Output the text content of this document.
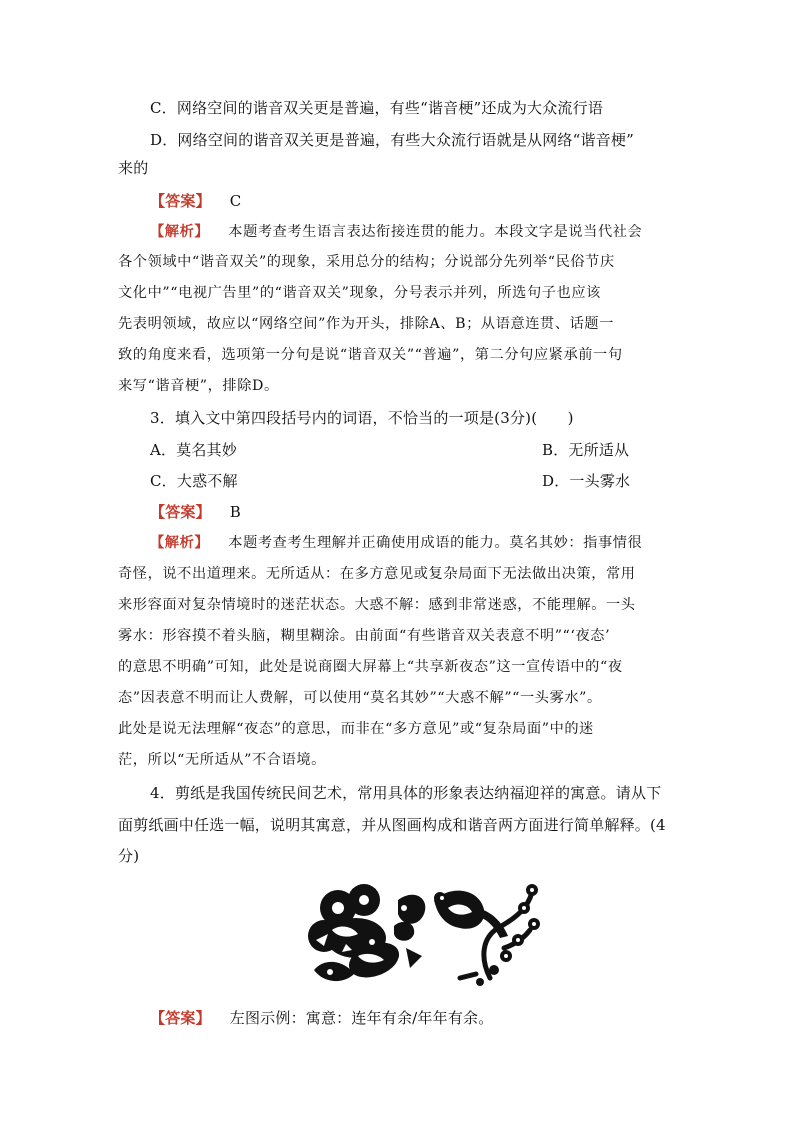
C．网络空间的谐音双关更是普遍，有些“谐音梗”还成为大众流行语
D．网络空间的谐音双关更是普遍，有些大众流行语就是从网络“谐音梗”
来的
【答案】 C
【解析】 本题考查考生语言表达衔接连贯的能力。本段文字是说当代社会
各个领域中“谐音双关”的现象，采用总分的结构；分说部分先列举“民俗节庆
文化中”“电视广告里”的“谐音双关”现象，分号表示并列，所选句子也应该
先表明领域，故应以“网络空间”作为开头，排除A、B；从语意连贯、话题一
致的角度来看，选项第一分句是说“谐音双关”“普遍”，第二分句应紧承前一句
来写“谐音梗”，排除D。
3．填入文中第四段括号内的词语，不恰当的一项是(3分)(　　)
A．莫名其妙	B．无所适从
C．大惑不解	D．一头雾水
【答案】 B
【解析】 本题考查考生理解并正确使用成语的能力。莫名其妙：指事情很
奇怪，说不出道理来。无所适从：在多方意见或复杂局面下无法做出决策，常用
来形容面对复杂情境时的迷茫状态。大惑不解：感到非常迷惑，不能理解。一头
雾水：形容摸不着头脑，糊里糊涂。由前面“有些谐音双关表意不明”“‘夜态’
的意思不明确”可知，此处是说商圈大屏幕上“共享新夜态”这一宣传语中的“夜
态”因表意不明而让人费解，可以使用“莫名其妙”“大惑不解”“一头雾水”。
此处是说无法理解“夜态”的意思，而非在“多方意见”或“复杂局面”中的迷
茫，所以“无所适从”不合语境。
4．剪纸是我国传统民间艺术，常用具体的形象表达纳福迎祥的寓意。请从下
面剪纸画中任选一幅，说明其寓意，并从图画构成和谐音两方面进行简单解释。(4
分)
【答案】 左图示例：寓意：连年有余/年年有余。
